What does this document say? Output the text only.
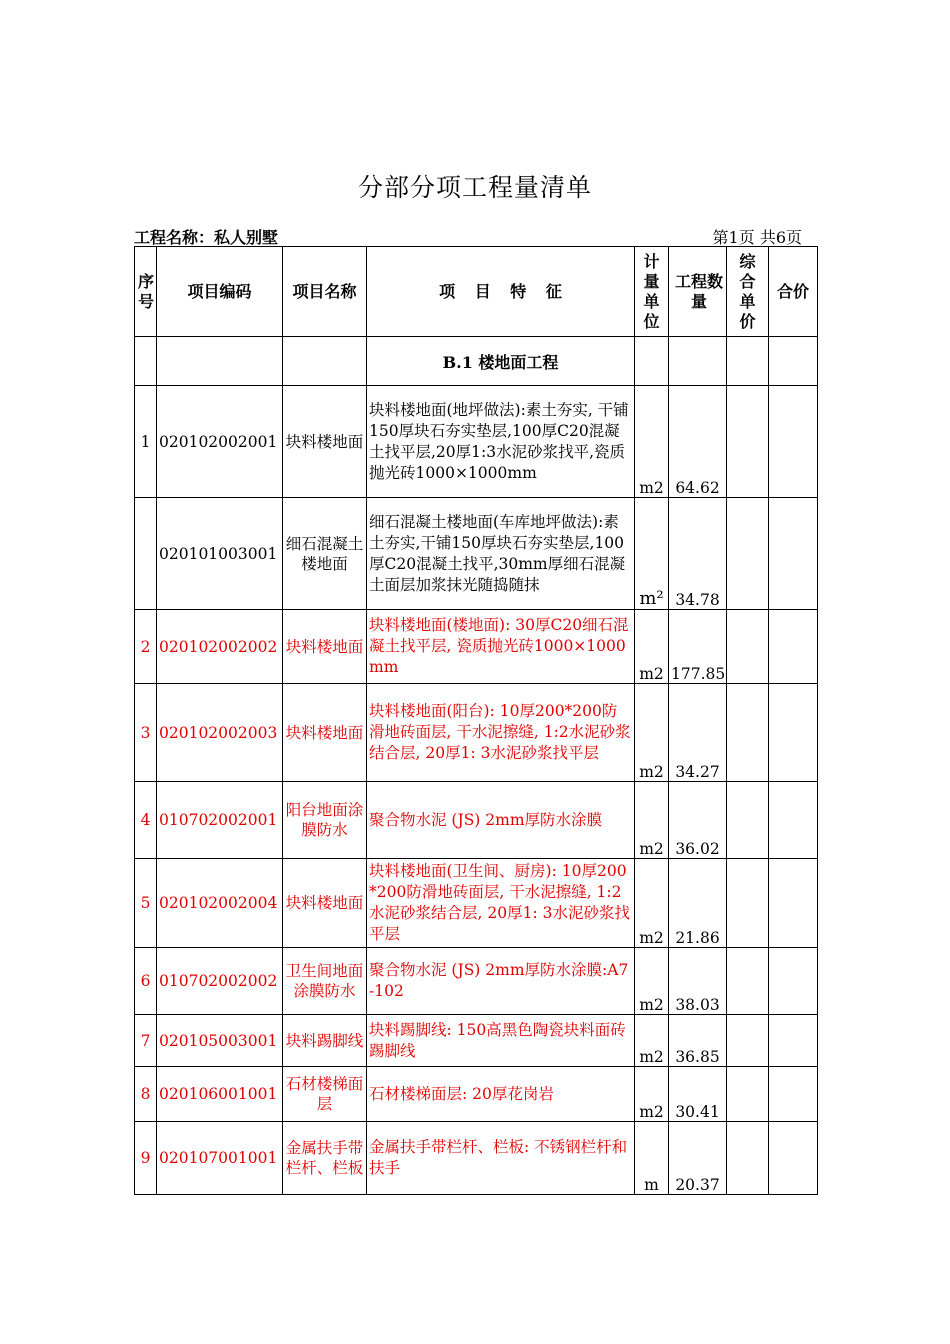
分部分项工程量清单
工程名称：私人别墅	第1页 共6页
序号	项目编码	项目名称	项 目 特 征	计量单位	工程数量	综合单价	合价
			B.1 楼地面工程				
1	020102002001	块料楼地面	块料楼地面(地坪做法):素土夯实, 干铺150厚块石夯实垫层,100厚C20混凝土找平层,20厚1:3水泥砂浆找平,瓷质抛光砖1000×1000mm	m2	64.62		
	020101003001	细石混凝土楼地面	细石混凝土楼地面(车库地坪做法):素土夯实,干铺150厚块石夯实垫层,100厚C20混凝土找平,30mm厚细石混凝土面层加浆抹光随捣随抹	m²	34.78		
2	020102002002	块料楼地面	块料楼地面(楼地面): 30厚C20细石混凝土找平层, 瓷质抛光砖1000×1000mm	m2	177.85		
3	020102002003	块料楼地面	块料楼地面(阳台): 10厚200*200防滑地砖面层, 干水泥擦缝, 1:2水泥砂浆结合层, 20厚1: 3水泥砂浆找平层	m2	34.27		
4	010702002001	阳台地面涂膜防水	聚合物水泥 (JS) 2mm厚防水涂膜	m2	36.02		
5	020102002004	块料楼地面	块料楼地面(卫生间、厨房): 10厚200*200防滑地砖面层, 干水泥擦缝, 1:2水泥砂浆结合层, 20厚1: 3水泥砂浆找平层	m2	21.86		
6	010702002002	卫生间地面涂膜防水	聚合物水泥 (JS) 2mm厚防水涂膜:A7-102	m2	38.03		
7	020105003001	块料踢脚线	块料踢脚线: 150高黑色陶瓷块料面砖踢脚线	m2	36.85		
8	020106001001	石材楼梯面层	石材楼梯面层: 20厚花岗岩	m2	30.41		
9	020107001001	金属扶手带栏杆、栏板	金属扶手带栏杆、栏板: 不锈钢栏杆和扶手	m	20.37		
